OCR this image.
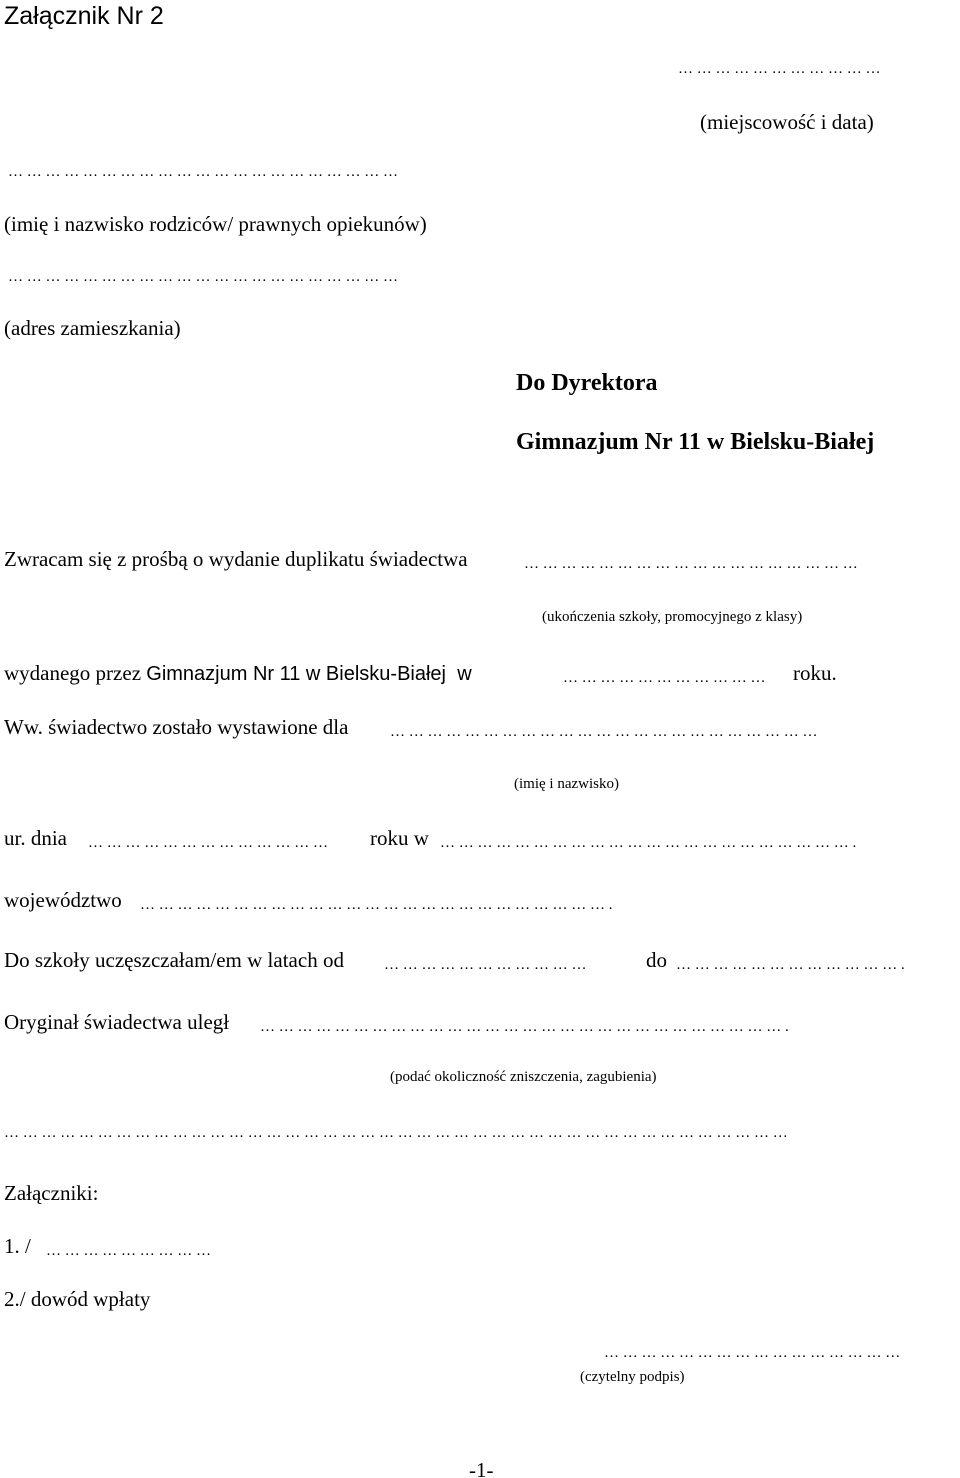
Załącznik Nr 2
… … … … … … … … … … …
(miejscowość i data)
… … … … … … … … … … … … … … … … … … … … …
(imię i nazwisko rodziców/ prawnych opiekunów)
… … … … … … … … … … … … … … … … … … … … …
(adres zamieszkania)
Do Dyrektora
Gimnazjum Nr 11 w Bielsku-Białej
Zwracam się z prośbą o wydanie duplikatu świadectwa	… … … … … … … … … … … … … … … … … …
(ukończenia szkoły, promocyjnego z klasy)
wydanego przez Gimnazjum Nr 11 w Bielsku-Białej w	… … … … … … … … … … … roku.
Ww. świadectwo zostało wystawione dla	… … … … … … … … … … … … … … … … … … … … … … …
(imię i nazwisko)
ur. dnia … … … … … … … … … … … … … roku w … … … … … … … … … … … … … … … … … … … … … … .
województwo … … … … … … … … … … … … … … … … … … … … … … … … … .
Do szkoły uczęszczałam/em w latach od	… … … … … … … … … … …	do … … … … … … … … … … … … .
Oryginał świadectwa uległ … … … … … … … … … … … … … … … … … … … … … … … … … … … … .
(podać okoliczność zniszczenia, zagubienia)
… … … … … … … … … … … … … … … … … … … … … … … … … … … … … … … … … … … … … … … … … …
Załączniki:
1. / … … … … … … … … …
2./ dowód wpłaty
… … … … … … … … … … … … … … … …
(czytelny podpis)
-1-
